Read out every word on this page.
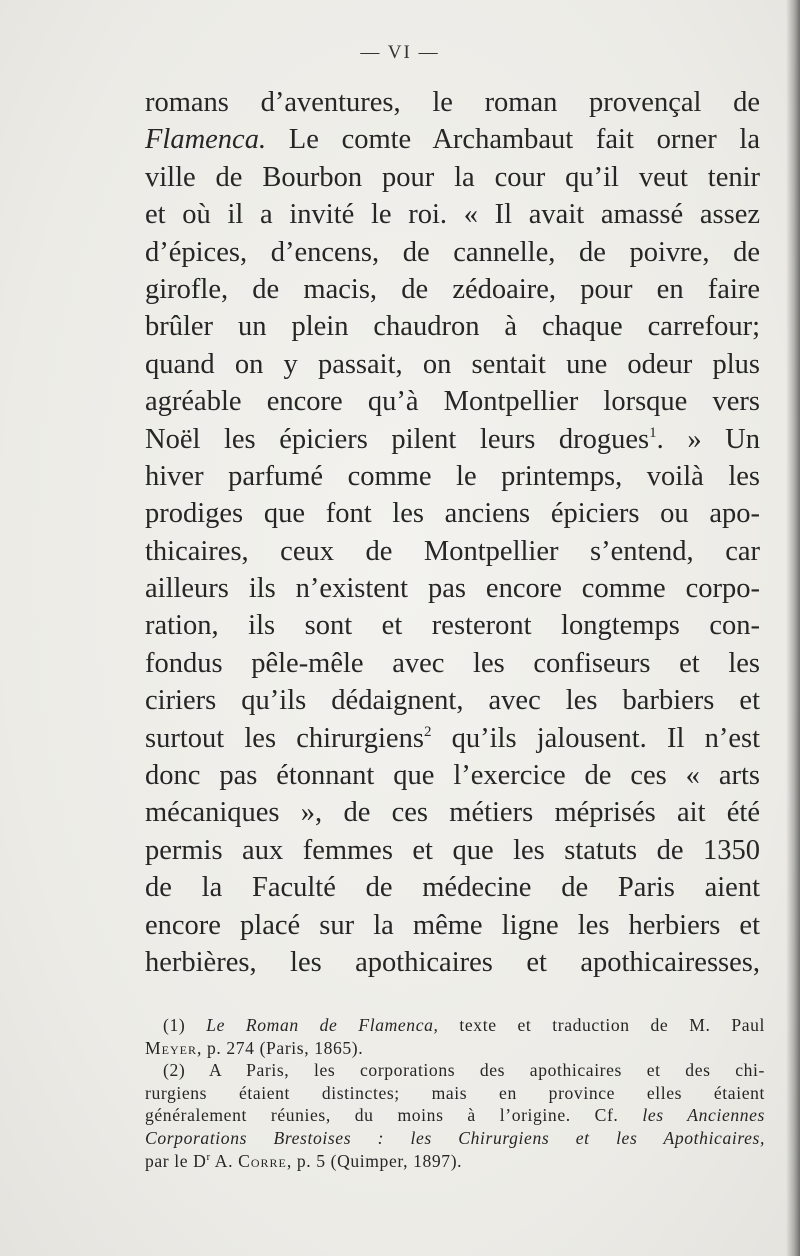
— VI —
romans d’aventures, le roman provençal de
Flamenca. Le comte Archambaut fait orner la
ville de Bourbon pour la cour qu’il veut tenir
et où il a invité le roi. « Il avait amassé assez
d’épices, d’encens, de cannelle, de poivre, de
girofle, de macis, de zédoaire, pour en faire
brûler un plein chaudron à chaque carrefour;
quand on y passait, on sentait une odeur plus
agréable encore qu’à Montpellier lorsque vers
Noël les épiciers pilent leurs drogues$^1$. » Un
hiver parfumé comme le printemps, voilà les
prodiges que font les anciens épiciers ou apo-
thicaires, ceux de Montpellier s’entend, car
ailleurs ils n’existent pas encore comme corpo-
ration, ils sont et resteront longtemps con-
fondus pêle-mêle avec les confiseurs et les
ciriers qu’ils dédaignent, avec les barbiers et
surtout les chirurgiens$^2$ qu’ils jalousent. Il n’est
donc pas étonnant que l’exercice de ces « arts
mécaniques », de ces métiers méprisés ait été
permis aux femmes et que les statuts de 1350
de la Faculté de médecine de Paris aient
encore placé sur la même ligne les herbiers et
herbières, les apothicaires et apothicairesses,
(1) Le Roman de Flamenca, texte et traduction de M. Paul
Meyer, p. 274 (Paris, 1865).
(2) A Paris, les corporations des apothicaires et des chi-
rurgiens étaient distinctes; mais en province elles étaient
généralement réunies, du moins à l’origine. Cf. les Anciennes
Corporations Brestoises : les Chirurgiens et les Apothicaires,
par le $D^r$ A. Corre, p. 5 (Quimper, 1897).
